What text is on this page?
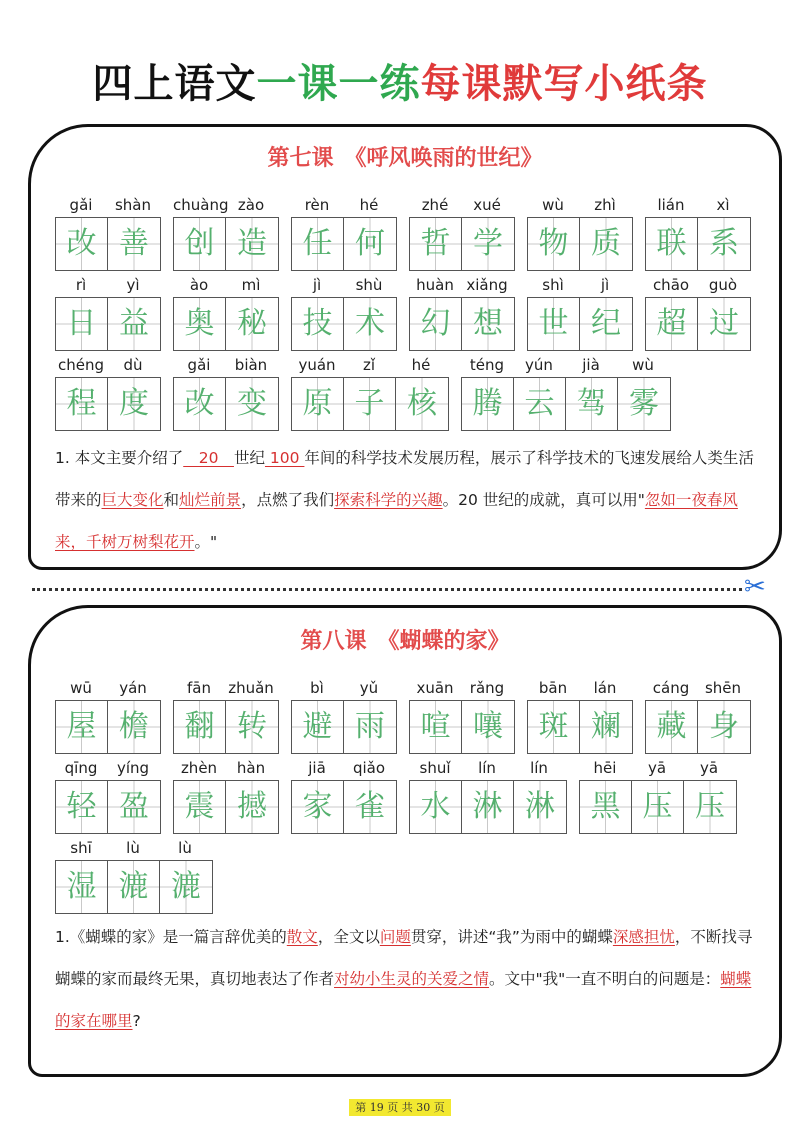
四上语文一课一练每课默写小纸条
第七课　《呼风唤雨的世纪》
gǎi	shàn
改 善
chuàng zào
创 造
rèn	hé
任 何
zhé	xué
哲 学
wù	zhì
物 质
lián	xì
联 系
rì	yì
日 益
ào	mì
奥 秘
jì	shù
技 术
huàn xiǎng
幻 想
shì	jì
世 纪
chāo	guò
超 过
chéng	dù
程 度
gǎi	biàn
改 变
yuán	zǐ	hé
原 子 核
téng	yún	jià	wù
腾 云 驾 雾
1. 本文主要介绍了　20　世纪 100 年间的科学技术发展历程，展示了科学技术的飞速发展给人类生活带来的巨大变化和灿烂前景，点燃了我们探索科学的兴趣。20 世纪的成就，真可以用"忽如一夜春风来，千树万树梨花开。"
✂
第八课　《蝴蝶的家》
wū	yán
屋 檐
fān	zhuǎn
翻 转
bì	yǔ
避 雨
xuān	rǎng
喧 嚷
bān	lán
斑 斓
cáng	shēn
藏 身
qīng	yíng
轻 盈
zhèn	hàn
震 撼
jiā	qiǎo
家 雀
shuǐ	lín	lín
水 淋 淋
hēi	yā	yā
黑 压 压
shī	lù	lù
湿 漉 漉
1.《蝴蝶的家》是一篇言辞优美的散文，全文以问题贯穿，讲述“我”为雨中的蝴蝶深感担忧，不断找寻蝴蝶的家而最终无果，真切地表达了作者对幼小生灵的关爱之情。文中"我"一直不明白的问题是：蝴蝶的家在哪里?
第 19 页 共 30 页
